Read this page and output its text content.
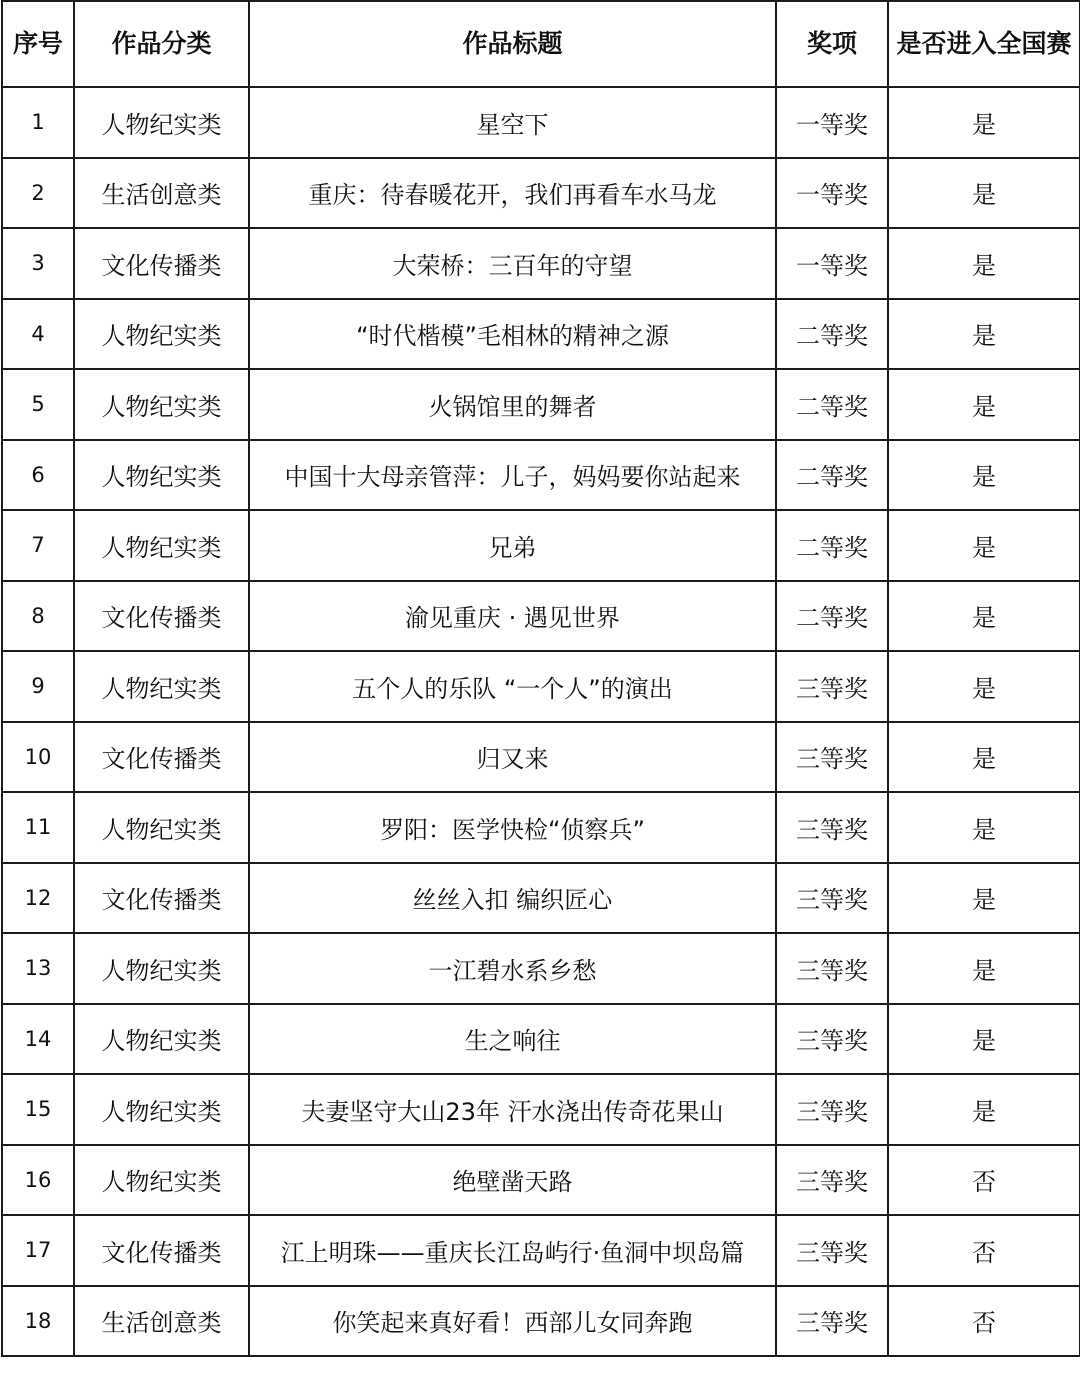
序号	作品分类	作品标题	奖项	是否进入全国赛
1	人物纪实类	星空下	一等奖	是
2	生活创意类	重庆：待春暖花开，我们再看车水马龙	一等奖	是
3	文化传播类	大荣桥：三百年的守望	一等奖	是
4	人物纪实类	“时代楷模”毛相林的精神之源	二等奖	是
5	人物纪实类	火锅馆里的舞者	二等奖	是
6	人物纪实类	中国十大母亲管萍：儿子，妈妈要你站起来	二等奖	是
7	人物纪实类	兄弟	二等奖	是
8	文化传播类	渝见重庆 · 遇见世界	二等奖	是
9	人物纪实类	五个人的乐队 “一个人”的演出	三等奖	是
10	文化传播类	归又来	三等奖	是
11	人物纪实类	罗阳：医学快检“侦察兵”	三等奖	是
12	文化传播类	丝丝入扣 编织匠心	三等奖	是
13	人物纪实类	一江碧水系乡愁	三等奖	是
14	人物纪实类	生之响往	三等奖	是
15	人物纪实类	夫妻坚守大山23年 汗水浇出传奇花果山	三等奖	是
16	人物纪实类	绝壁凿天路	三等奖	否
17	文化传播类	江上明珠——重庆长江岛屿行·鱼洞中坝岛篇	三等奖	否
18	生活创意类	你笑起来真好看！西部儿女同奔跑	三等奖	否
